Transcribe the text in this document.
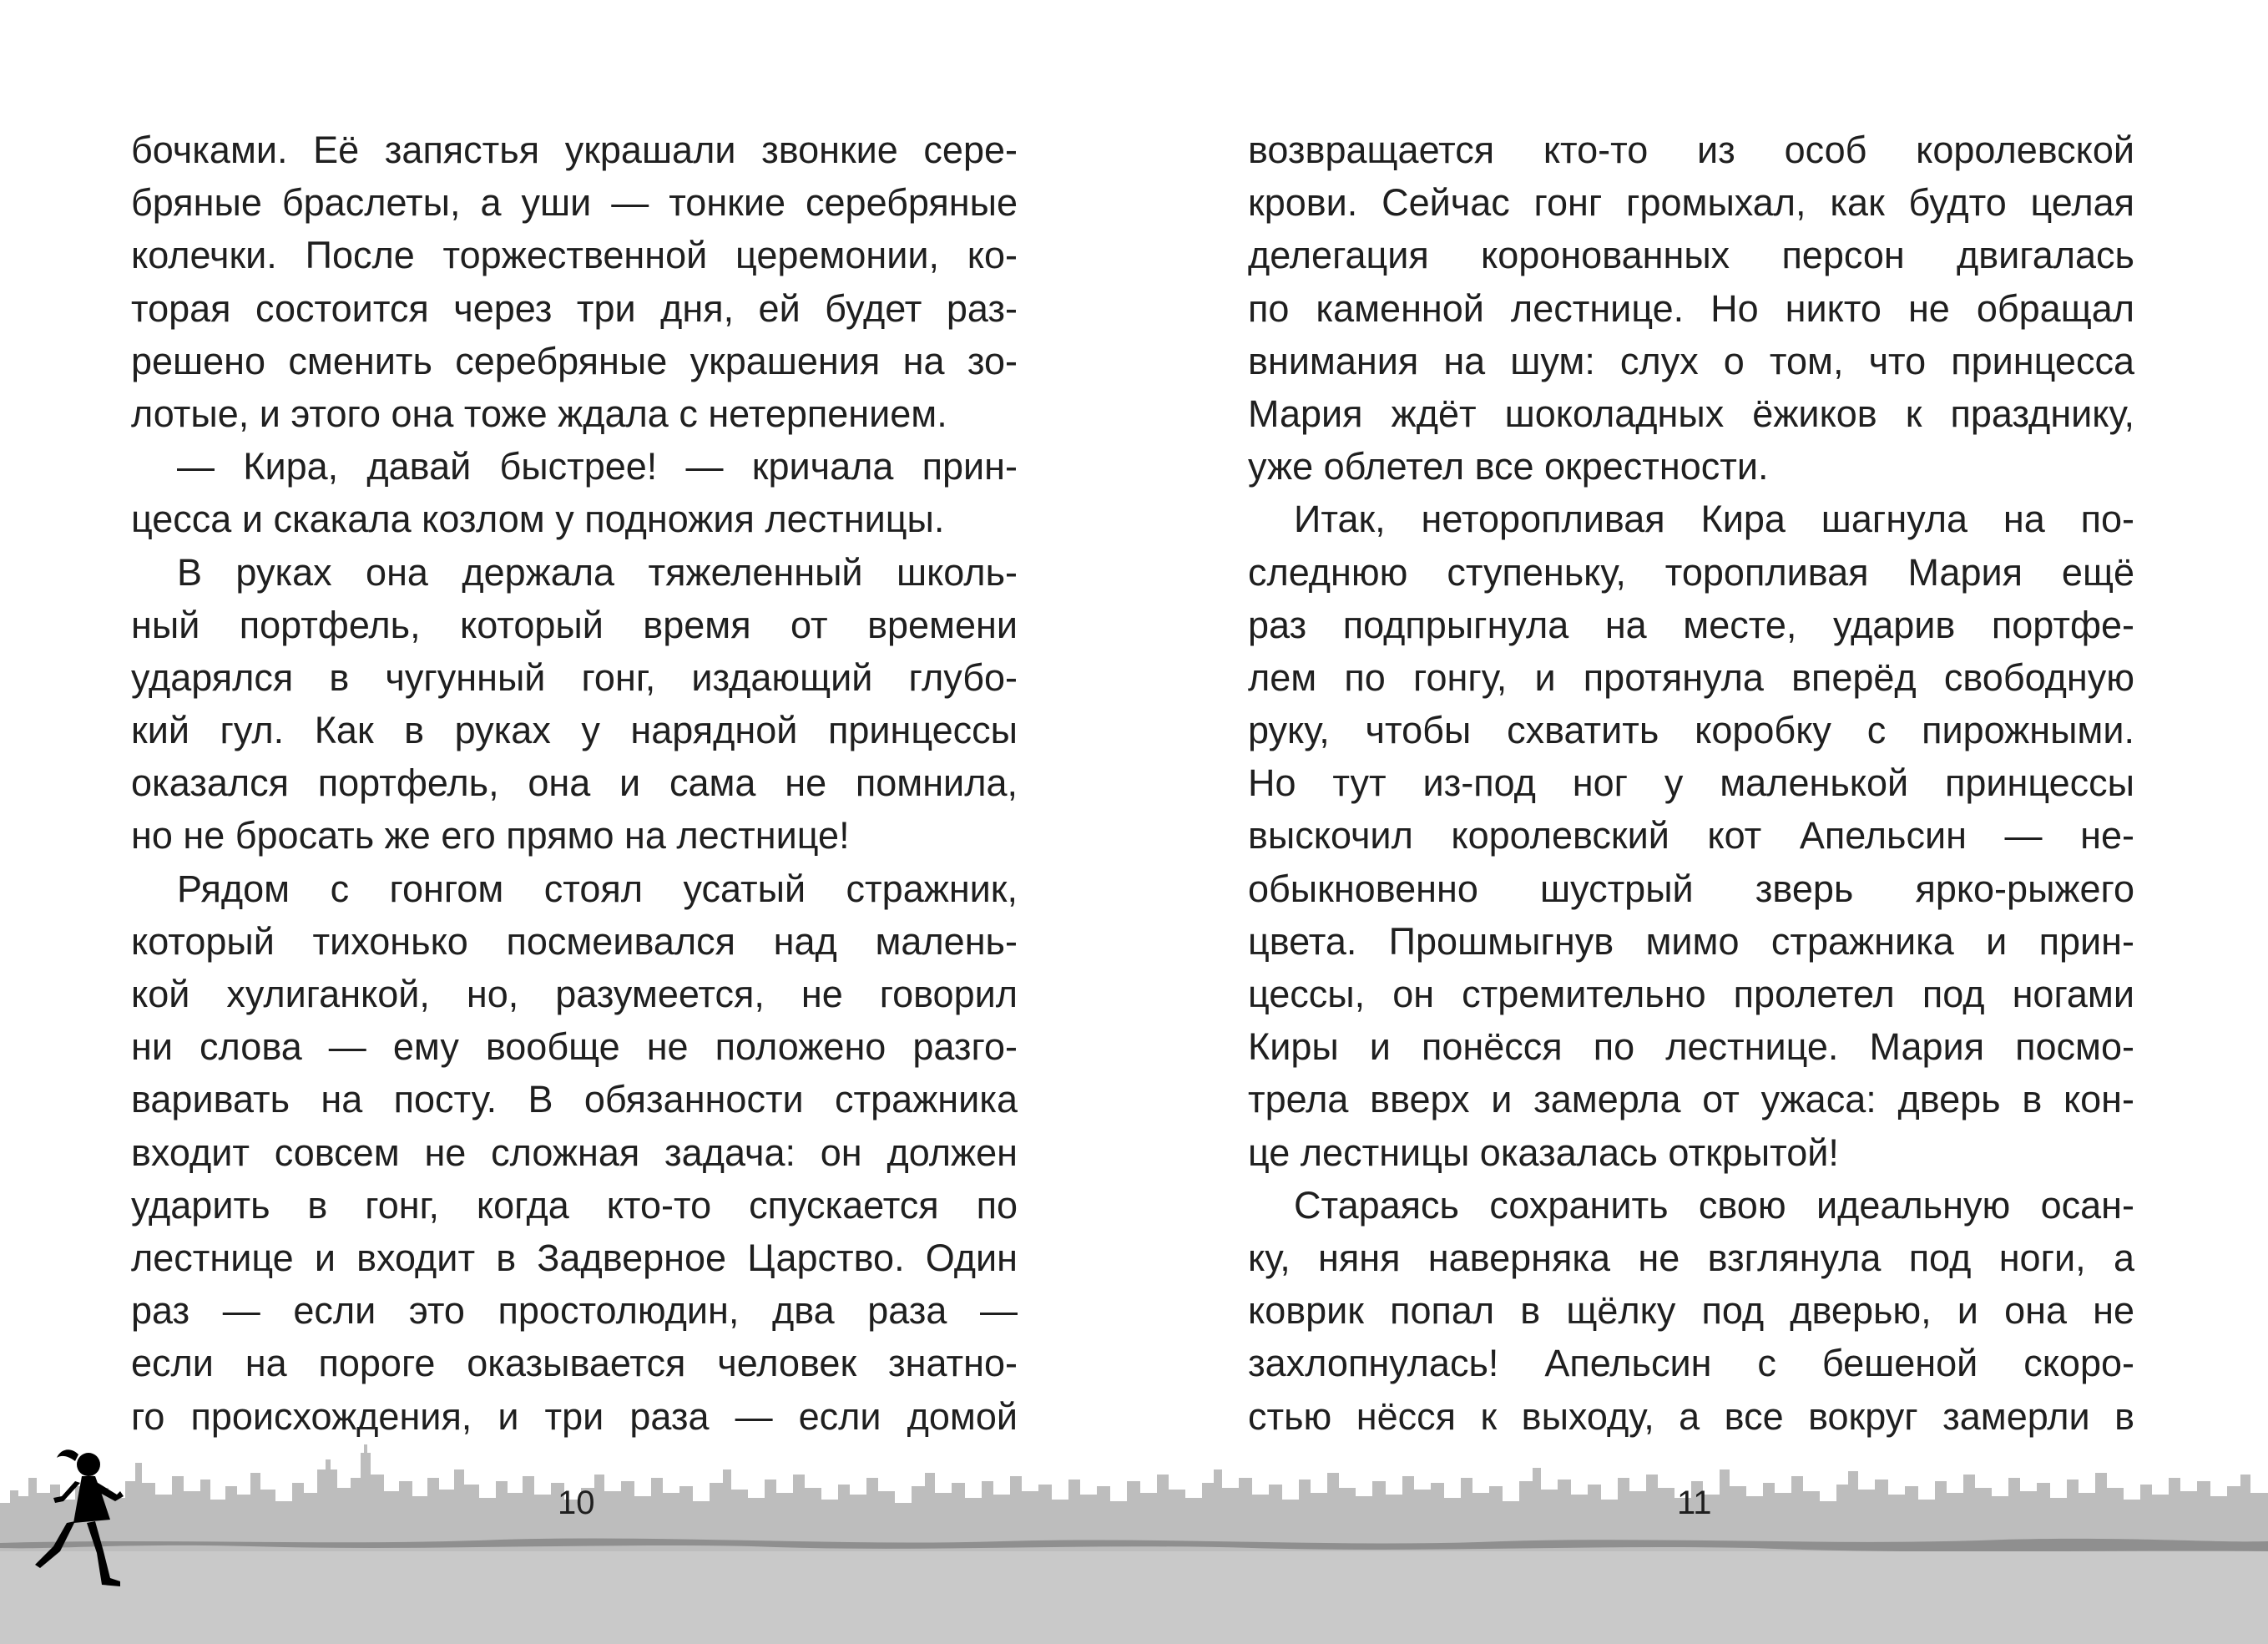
бочками. Её запястья украшали звонкие сере-
бряные браслеты, а уши — тонкие серебряные
колечки. После торжественной церемонии, ко-
торая состоится через три дня, ей будет раз-
решено сменить серебряные украшения на зо-
лотые, и этого она тоже ждала с нетерпением.
— Кира, давай быстрее! — кричала прин-
цесса и скакала козлом у подножия лестницы.
В руках она держала тяжеленный школь-
ный портфель, который время от времени
ударялся в чугунный гонг, издающий глубо-
кий гул. Как в руках у нарядной принцессы
оказался портфель, она и сама не помнила,
но не бросать же его прямо на лестнице!
Рядом с гонгом стоял усатый стражник,
который тихонько посмеивался над малень-
кой хулиганкой, но, разумеется, не говорил
ни слова — ему вообще не положено разго-
варивать на посту. В обязанности стражника
входит совсем не сложная задача: он должен
ударить в гонг, когда кто-то спускается по
лестнице и входит в Задверное Царство. Один
раз — если это простолюдин, два раза —
если на пороге оказывается человек знатно-
го происхождения, и три раза — если домой
возвращается кто-то из особ королевской
крови. Сейчас гонг громыхал, как будто целая
делегация коронованных персон двигалась
по каменной лестнице. Но никто не обращал
внимания на шум: слух о том, что принцесса
Мария ждёт шоколадных ёжиков к празднику,
уже облетел все окрестности.
Итак, неторопливая Кира шагнула на по-
следнюю ступеньку, торопливая Мария ещё
раз подпрыгнула на месте, ударив портфе-
лем по гонгу, и протянула вперёд свободную
руку, чтобы схватить коробку с пирожными.
Но тут из-под ног у маленькой принцессы
выскочил королевский кот Апельсин — не-
обыкновенно шустрый зверь ярко-рыжего
цвета. Прошмыгнув мимо стражника и прин-
цессы, он стремительно пролетел под ногами
Киры и понёсся по лестнице. Мария посмо-
трела вверх и замерла от ужаса: дверь в кон-
це лестницы оказалась открытой!
Стараясь сохранить свою идеальную осан-
ку, няня наверняка не взглянула под ноги, а
коврик попал в щёлку под дверью, и она не
захлопнулась! Апельсин с бешеной скоро-
стью нёсся к выходу, а все вокруг замерли в
10	11
